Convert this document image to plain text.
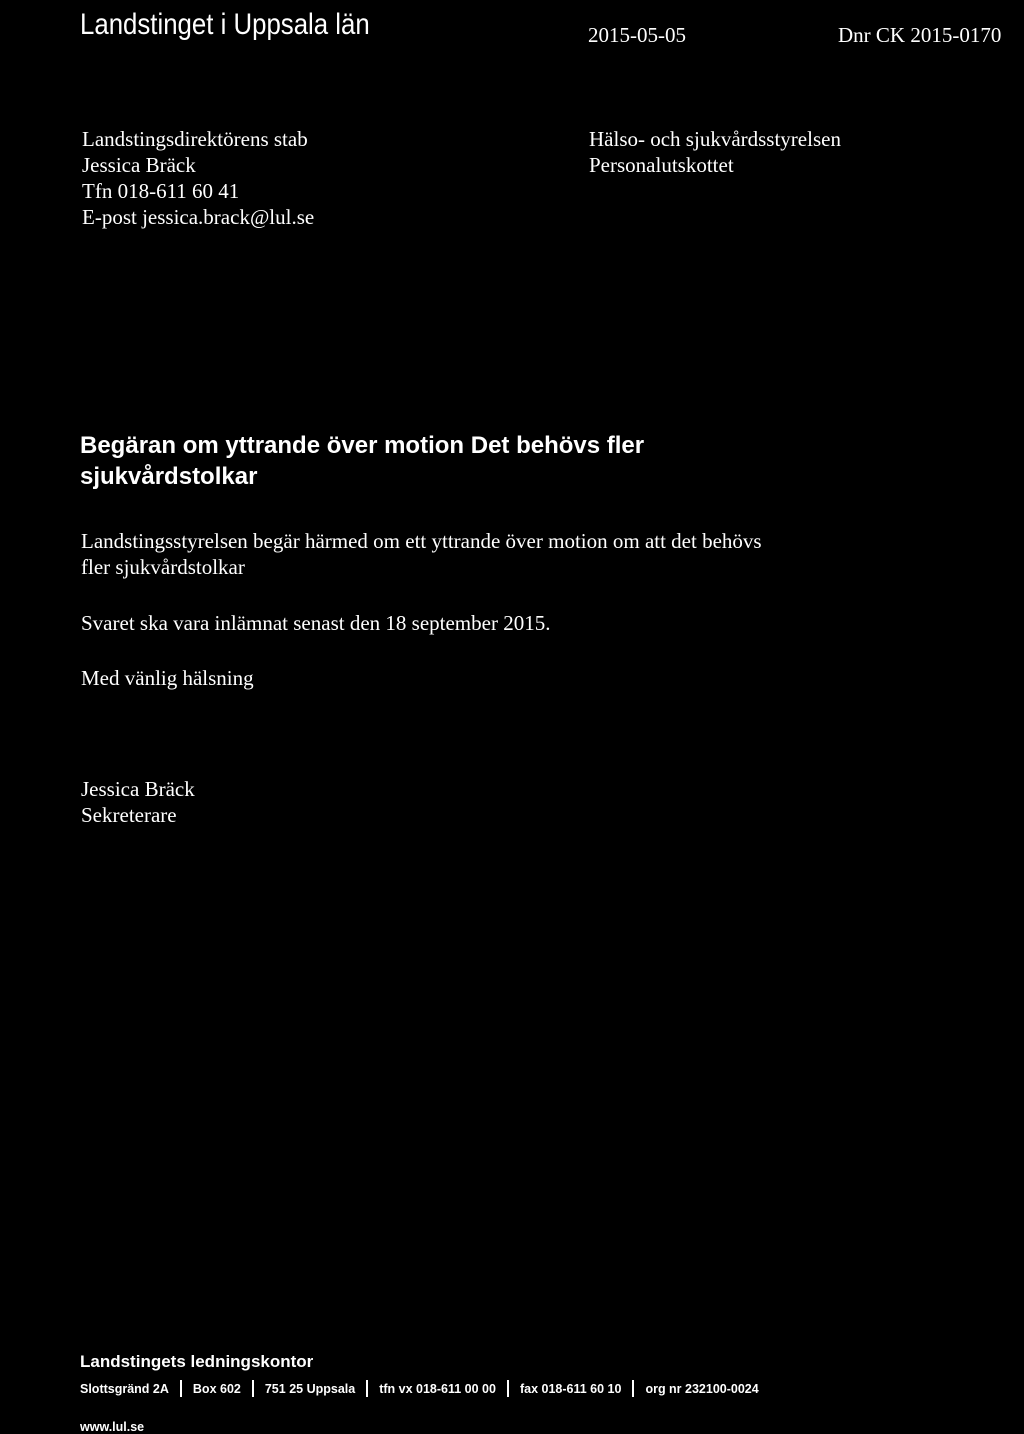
Landstinget i Uppsala län	2015-05-05	Dnr CK 2015-0170
Landstingsdirektörens stab
Jessica Bräck
Tfn 018-611 60 41
E-post jessica.brack@lul.se
Hälso- och sjukvårdsstyrelsen
Personalutskottet
Begäran om yttrande över motion Det behövs fler
sjukvårdstolkar
Landstingsstyrelsen begär härmed om ett yttrande över motion om att det behövs
fler sjukvårdstolkar
Svaret ska vara inlämnat senast den 18 september 2015.
Med vänlig hälsning
Jessica Bräck
Sekreterare
Landstingets ledningskontor
Slottsgränd 2A Box 602 751 25 Uppsala tfn vx 018-611 00 00 fax 018-611 60 10 org nr 232100-0024
www.lul.se
